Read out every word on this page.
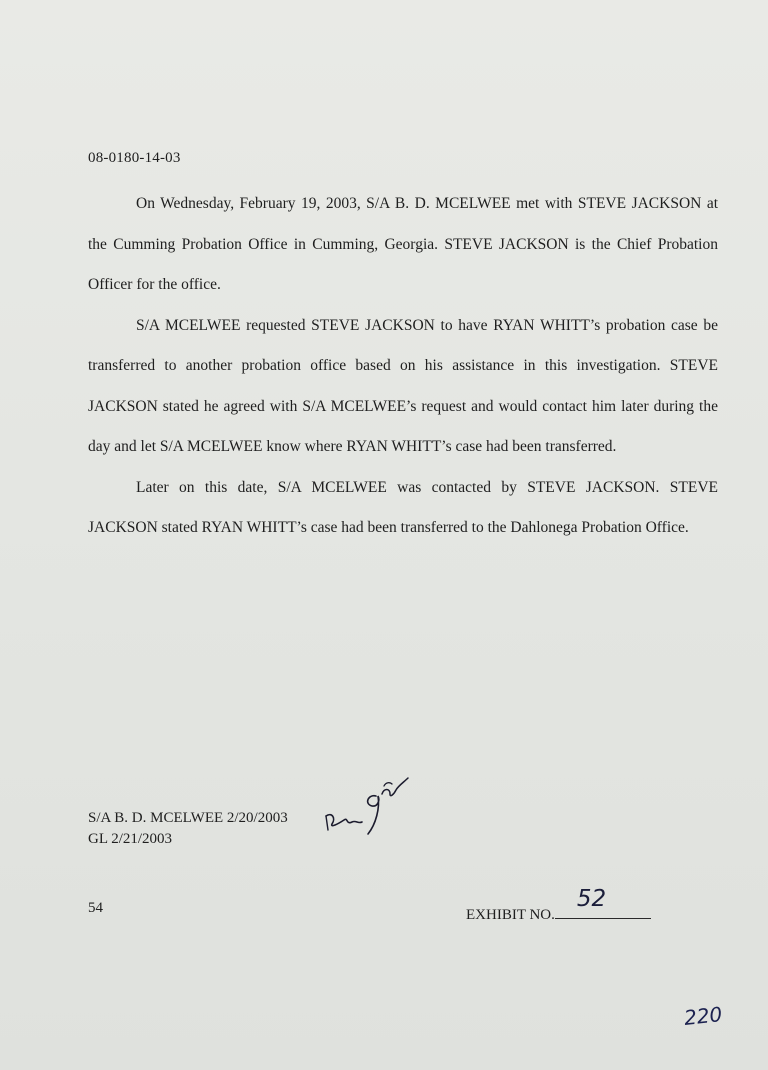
08-0180-14-03

On Wednesday, February 19, 2003, S/A B. D. MCELWEE met with STEVE JACKSON at the Cumming Probation Office in Cumming, Georgia. STEVE JACKSON is the Chief Probation Officer for the office.

S/A MCELWEE requested STEVE JACKSON to have RYAN WHITT’s probation case be transferred to another probation office based on his assistance in this investigation. STEVE JACKSON stated he agreed with S/A MCELWEE’s request and would contact him later during the day and let S/A MCELWEE know where RYAN WHITT’s case had been transferred.

Later on this date, S/A MCELWEE was contacted by STEVE JACKSON. STEVE JACKSON stated RYAN WHITT’s case had been transferred to the Dahlonega Probation Office.

S/A B. D. MCELWEE 2/20/2003
GL 2/21/2003
54	EXHIBIT NO.
52
220
